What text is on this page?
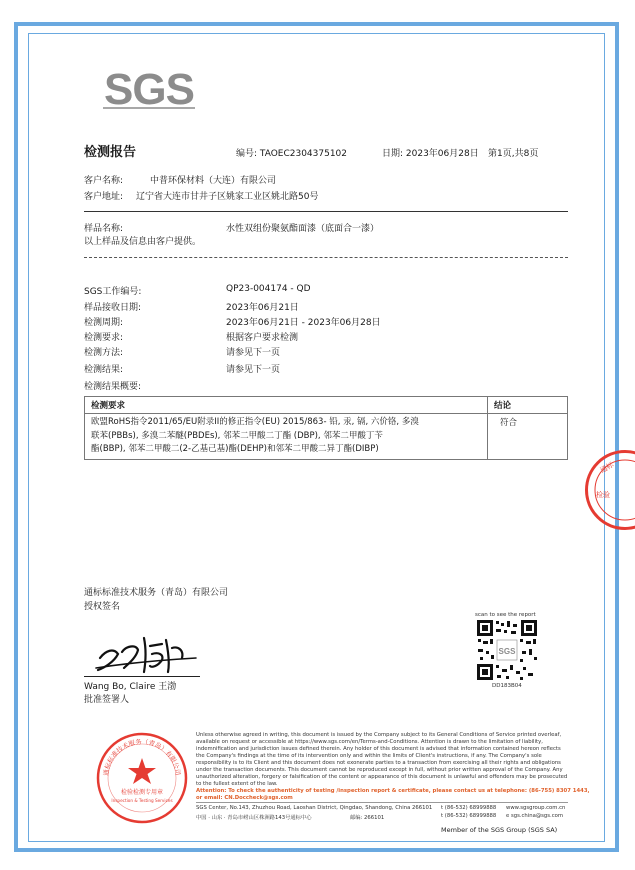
SGS
检测报告	编号: TAOEC2304375102	日期: 2023年06月28日 第1页,共8页
客户名称:	中普环保材料（大连）有限公司
客户地址: 辽宁省大连市甘井子区姚家工业区姚北路50号
样品名称:	水性双组份聚氨酯面漆（底面合一漆）
以上样品及信息由客户提供。
SGS工作编号:	QP23-004174 - QD
样品接收日期:	2023年06月21日
检测周期:	2023年06月21日 - 2023年06月28日
检测要求:	根据客户要求检测
检测方法:	请参见下一页
检测结果:	请参见下一页
检测结果概要:
检测要求	结论

欧盟RoHS指令2011/65/EU附录II的修正指令(EU) 2015/863- 铅, 汞, 镉, 六价铬, 多溴
联苯(PBBs), 多溴二苯醚(PBDEs), 邻苯二甲酸二丁酯 (DBP), 邻苯二甲酸丁苄
酯(BBP), 邻苯二甲酸二(2-乙基己基)酯(DEHP)和邻苯二甲酸二异丁酯(DIBP)	符合
通标
检验
通标标准技术服务（青岛）有限公司
授权签名
Wang Bo, Claire 王渤
批准签署人
scan to see the report
SGS
DD183B04
通标标准技术服务（青岛）有限公司
检验检测专用章
Inspection & Testing Services
Unless otherwise agreed in writing, this document is issued by the Company subject to its General Conditions of Service printed overleaf,
available on request or accessible at https://www.sgs.com/en/Terms-and-Conditions. Attention is drawn to the limitation of liability,
indemnification and jurisdiction issues defined therein. Any holder of this document is advised that information contained hereon reflects
the Company's findings at the time of its intervention only and within the limits of Client's instructions, if any. The Company's sole
responsibility is to its Client and this document does not exonerate parties to a transaction from exercising all their rights and obligations
under the transaction documents. This document cannot be reproduced except in full, without prior written approval of the Company. Any
unauthorized alteration, forgery or falsification of the content or appearance of this document is unlawful and offenders may be prosecuted
to the fullest extent of the law.
Attention: To check the authenticity of testing /inspection report & certificate, please contact us at telephone: (86-755) 8307 1443,
or email: CN.Doccheck@sgs.com
SGS Center, No.143, Zhuzhou Road, Laoshan District, Qingdao, Shandong, China 266101 t (86-532) 68999888 www.sgsgroup.com.cn
中国 · 山东 · 青岛市崂山区株洲路143号通标中心	邮编: 266101	t (86-532) 68999888 e sgs.china@sgs.com
Member of the SGS Group (SGS SA)
